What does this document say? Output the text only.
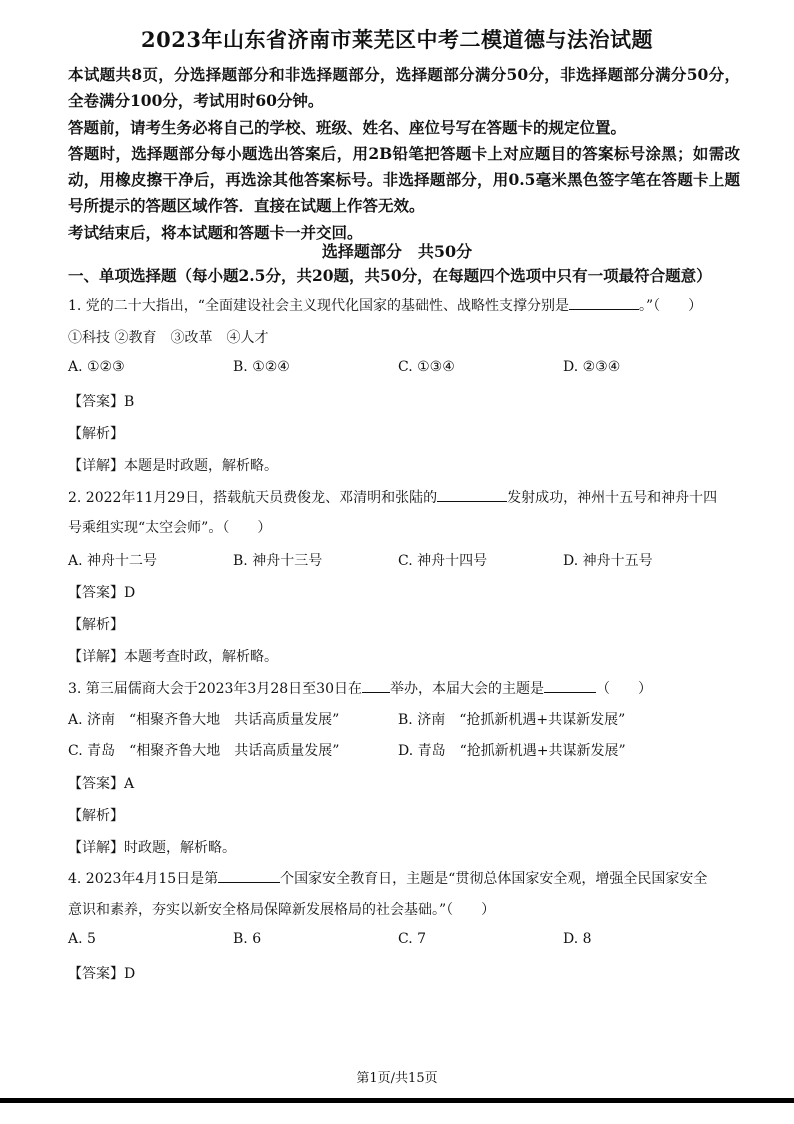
2023年山东省济南市莱芜区中考二模道德与法治试题

本试题共8页，分选择题部分和非选择题部分，选择题部分满分50分，非选择题部分满分50分，全卷满分100分，考试用时60分钟。

答题前，请考生务必将自己的学校、班级、姓名、座位号写在答题卡的规定位置。

答题时，选择题部分每小题选出答案后，用2B铅笔把答题卡上对应题目的答案标号涂黑；如需改动，用橡皮擦干净后，再选涂其他答案标号。非选择题部分，用0.5毫米黑色签字笔在答题卡上题号所提示的答题区域作答．直接在试题上作答无效。

考试结束后，将本试题和答题卡一并交回。

选择题部分　共50分
一、单项选择题（每小题2.5分，共20题，共50分，在每题四个选项中只有一项最符合题意）
1. 党的二十大指出，“全面建设社会主义现代化国家的基础性、战略性支撑分别是	。”（　　）
①科技 ②教育　③改革　④人才
A. ①②③	B. ①②④	C. ①③④	D. ②③④
【答案】B
【解析】
【详解】本题是时政题，解析略。
2. 2022年11月29日，搭载航天员费俊龙、邓清明和张陆的	发射成功，神州十五号和神舟十四
号乘组实现“太空会师”。（　　）
A. 神舟十二号	B. 神舟十三号	C. 神舟十四号	D. 神舟十五号
【答案】D
【解析】
【详解】本题考查时政，解析略。
3. 第三届儒商大会于2023年3月28日至30日在 举办，本届大会的主题是	（　　）
A. 济南　“相聚齐鲁大地　共话高质量发展”	B. 济南　“抢抓新机遇+共谋新发展”
C. 青岛　“相聚齐鲁大地　共话高质量发展”	D. 青岛　“抢抓新机遇+共谋新发展”
【答案】A
【解析】
【详解】时政题，解析略。
4. 2023年4月15日是第	个国家安全教育日，主题是“贯彻总体国家安全观，增强全民国家安全
意识和素养，夯实以新安全格局保障新发展格局的社会基础。”（　　）
A. 5	B. 6	C. 7	D. 8
【答案】D
第1页/共15页
